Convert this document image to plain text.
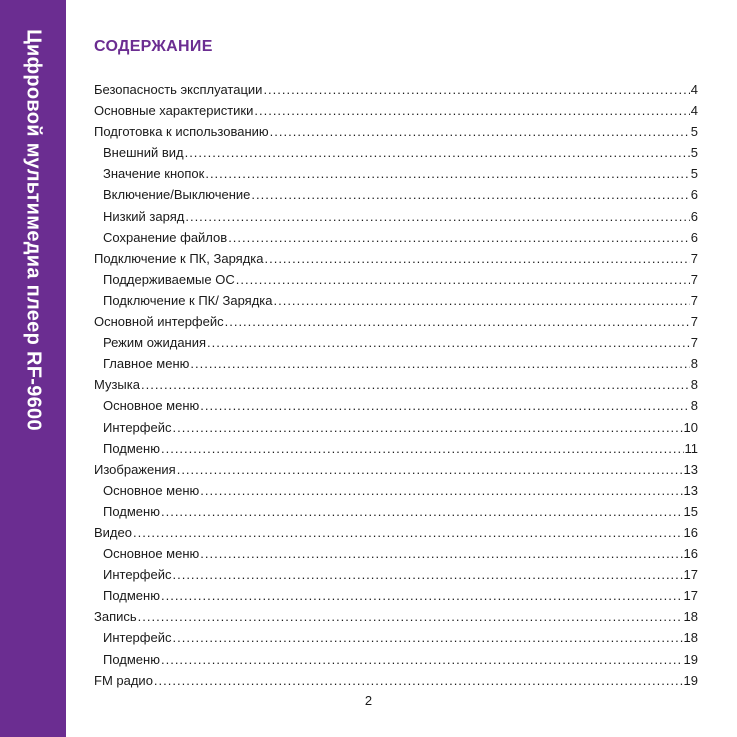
Цифровой мультимедиа плеер RF-9600	СОДЕРЖАНИЕ
Безопасность эксплуатации .....	4
Основные характеристики .....	4
Подготовка к использованию .....	5
Внешний вид .....	5
Значение кнопок .....	5
Включение/Выключение .....	6
Низкий заряд .....	6
Сохранение файлов .....	6
Подключение к ПК, Зарядка .....	7
Поддерживаемые ОС .....	7
Подключение к ПК/ Зарядка .....	7
Основной интерфейс .....	7
Режим ожидания .....	7
Главное меню .....	8
Музыка .....	8
Основное меню .....	8
Интерфейс .....	10
Подменю .....	11
Изображения .....	13
Основное меню .....	13
Подменю .....	15
Видео .....	16
Основное меню .....	16
Интерфейс .....	17
Подменю .....	17
Запись .....	18
Интерфейс .....	18
Подменю .....	19
FM радио .....	19
2
